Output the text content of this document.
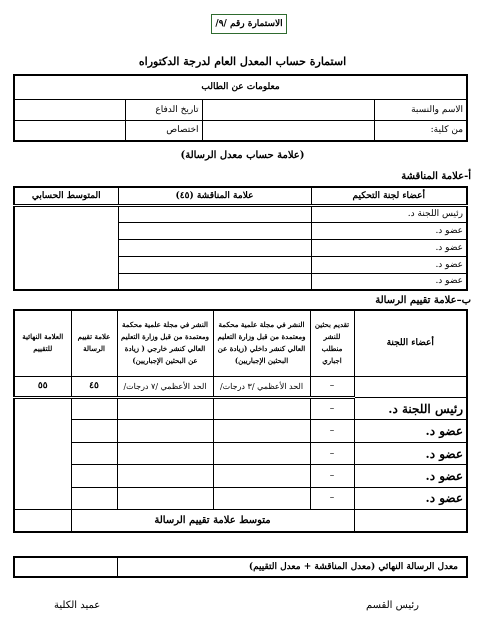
الاستمارة رقم /٩/
استمارة حساب المعدل العام لدرجة الدكتوراه
معلومات عن الطالب			
الاسم والنسبة		تاريخ الدفاع	
من كلية:		اختصاص	
(علامة حساب معدل الرسالة)
أ-علامة المناقشة
أعضاء لجنة التحكيم	علامة المناقشة (٤٥)	المتوسط الحسابي
رئيس اللجنة د.		
عضو د.		
عضو د.		
عضو د.		
عضو د.		
ب–علامة تقييم الرسالة
أعضاء اللجنة	تقديم بحثين للنشر منطلب اجباري	النشر في مجلة علمية محكمة ومعتمدة من قبل وزارة التعليم العالي كنشر داخلي (زيادة عن البحثين الإجباريين)	النشر في مجلة علمية محكمة ومعتمدة من قبل وزارة التعليم العالي كنشر خارجي ( زيادة عن البحثين الإجباريين)	علامة تقييم الرسالة	العلامة النهائية للتقييم
	–	الحد الأعظمي /٣ درجات/	الحد الأعظمي /٧ درجات/	٤٥	٥٥
رئيس اللجنة د.	–				
عضو د.	–				
عضو د.	–				
عضو د.	–				
عضو د.	–				
	متوسط علامة تقييم الرسالة				
معدل الرسالة النهائي (معدل المناقشة + معدل التقييم)	
رئيس القسم
عميد الكلية
